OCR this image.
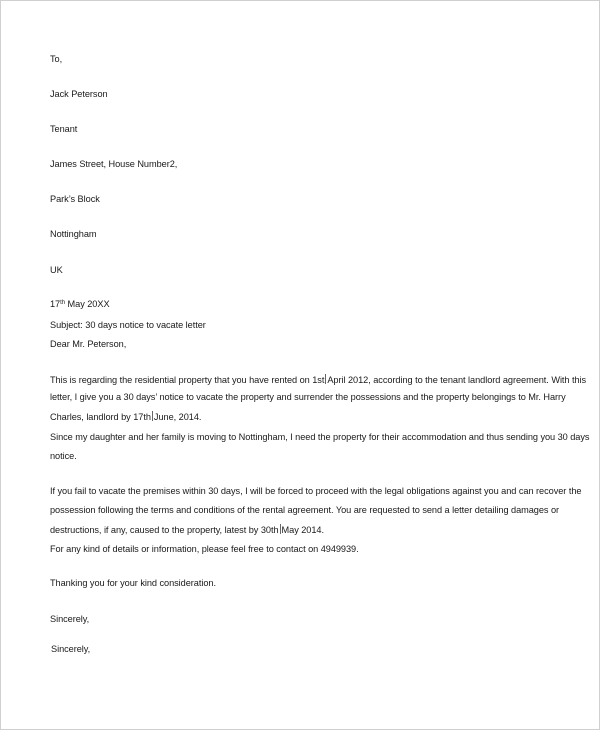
To,
Jack Peterson
Tenant
James Street, House Number2,
Park’s Block
Nottingham
UK
17th May 20XX
Subject: 30 days notice to vacate letter
Dear Mr. Peterson,
This is regarding the residential property that you have rented on 1st April 2012, according to the tenant landlord agreement. With this
letter, I give you a 30 days’ notice to vacate the property and surrender the possessions and the property belongings to Mr. Harry
Charles, landlord by 17th June, 2014.
Since my daughter and her family is moving to Nottingham, I need the property for their accommodation and thus sending you 30 days
notice.
If you fail to vacate the premises within 30 days, I will be forced to proceed with the legal obligations against you and can recover the
possession following the terms and conditions of the rental agreement. You are requested to send a letter detailing damages or
destructions, if any, caused to the property, latest by 30th May 2014.
For any kind of details or information, please feel free to contact on 4949939.
Thanking you for your kind consideration.
Sincerely,
Sincerely,
